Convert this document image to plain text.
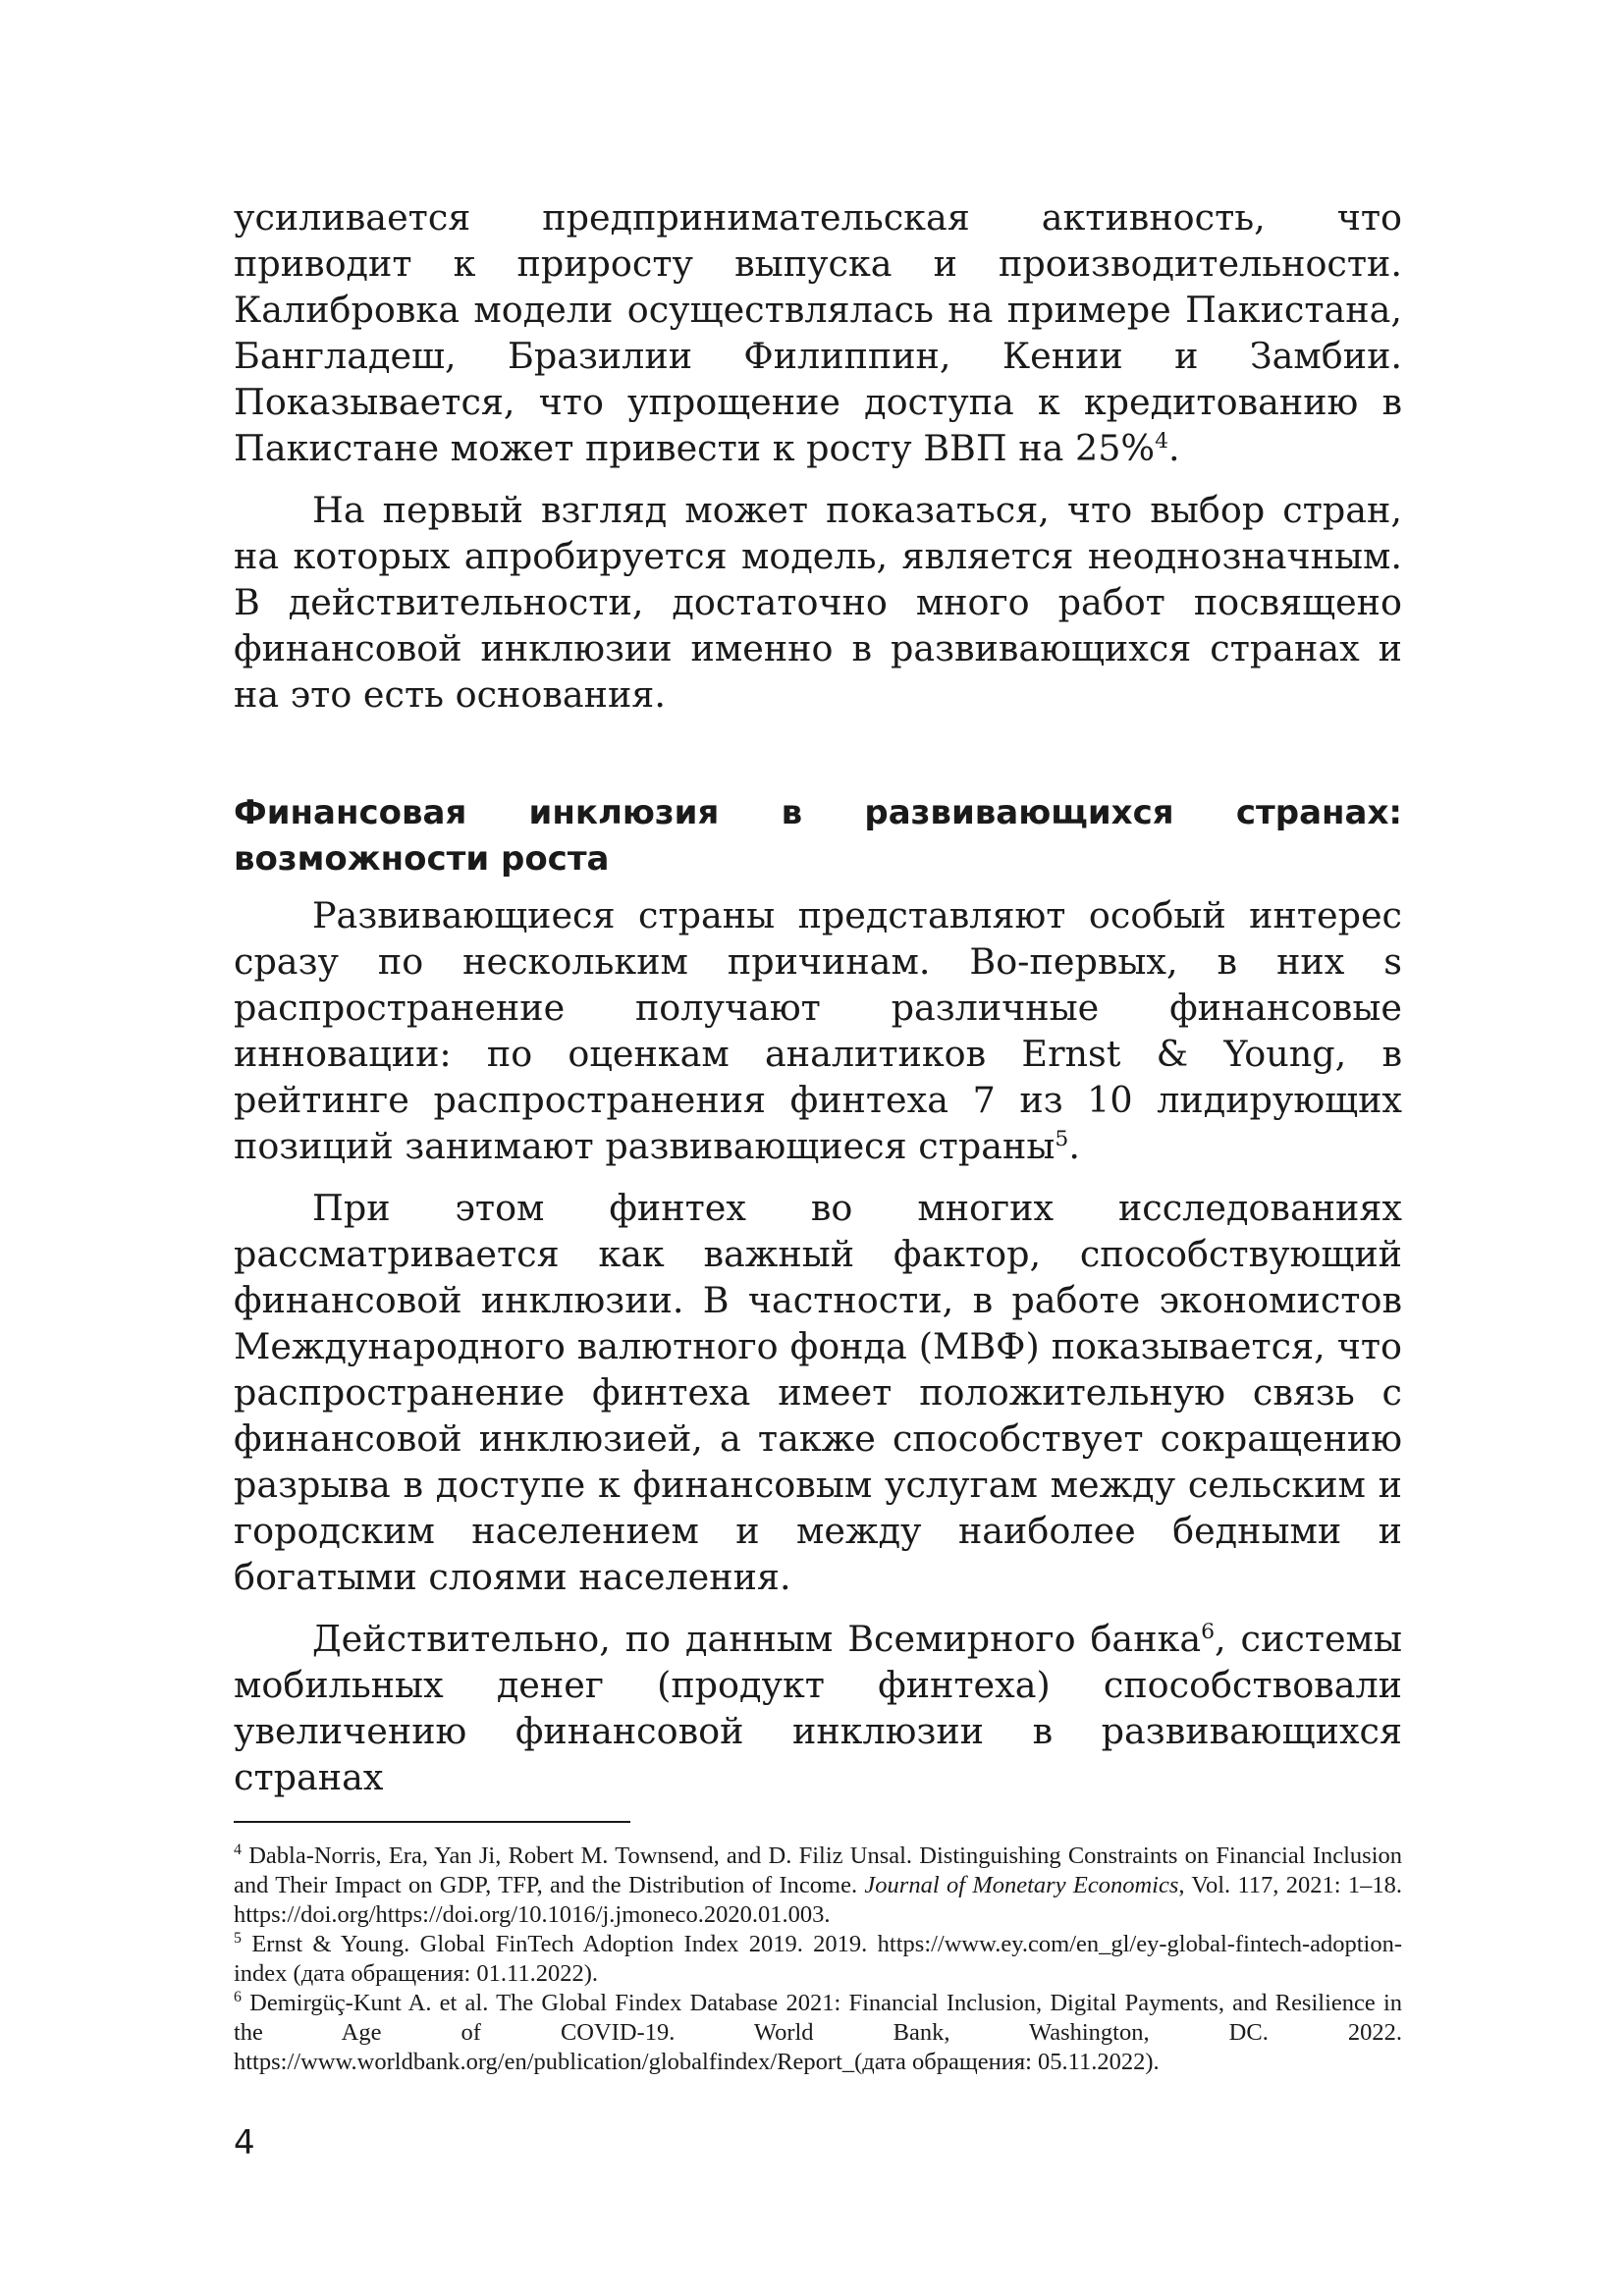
усиливается предпринимательская активность, что приводит к приросту выпуска и производительности. Калибровка модели осуществлялась на примере Пакистана, Бангладеш, Бразилии Филиппин, Кении и Замбии. Показывается, что упрощение доступа к кредитованию в Пакистане может привести к росту ВВП на 25%$^4$.

На первый взгляд может показаться, что выбор стран, на которых апробируется модель, является неоднозначным. В действительности, достаточно много работ посвящено финансовой инклюзии именно в развивающихся странах и на это есть основания.

Финансовая инклюзия в развивающихся странах: возможности роста

Развивающиеся страны представляют особый интерес сразу по нескольким причинам. Во-первых, в них s распространение получают различные финансовые инновации: по оценкам аналитиков Ernst & Young, в рейтинге распространения финтеха 7 из 10 лидирующих позиций занимают развивающиеся страны$^5$.

При этом финтех во многих исследованиях рассматривается как важный фактор, способствующий финансовой инклюзии. В частности, в работе экономистов Международного валютного фонда (МВФ) показывается, что распространение финтеха имеет положительную связь с финансовой инклюзией, а также способствует сокращению разрыва в доступе к финансовым услугам между сельским и городским населением и между наиболее бедными и богатыми слоями населения.

Действительно, по данным Всемирного банка$^6$, системы мобильных денег (продукт финтеха) способствовали увеличению финансовой инклюзии в развивающихся странах

$^4$ Dabla-Norris, Era, Yan Ji, Robert M. Townsend, and D. Filiz Unsal. Distinguishing Constraints on Financial Inclusion and Their Impact on GDP, TFP, and the Distribution of Income. Journal of Monetary Economics, Vol. 117, 2021: 1–18. https://doi.org/https://doi.org/10.1016/j.jmoneco.2020.01.003.

$^5$ Ernst & Young. Global FinTech Adoption Index 2019. 2019. https://www.ey.com/en_gl/ey-global-fintech-adoption-index (дата обращения: 01.11.2022).

$^6$ Demirgüç-Kunt A. et al. The Global Findex Database 2021: Financial Inclusion, Digital Payments, and Resilience in the Age of COVID-19. World Bank, Washington, DC. 2022. https://www.worldbank.org/en/publication/globalfindex/Report_(дата обращения: 05.11.2022).

4
